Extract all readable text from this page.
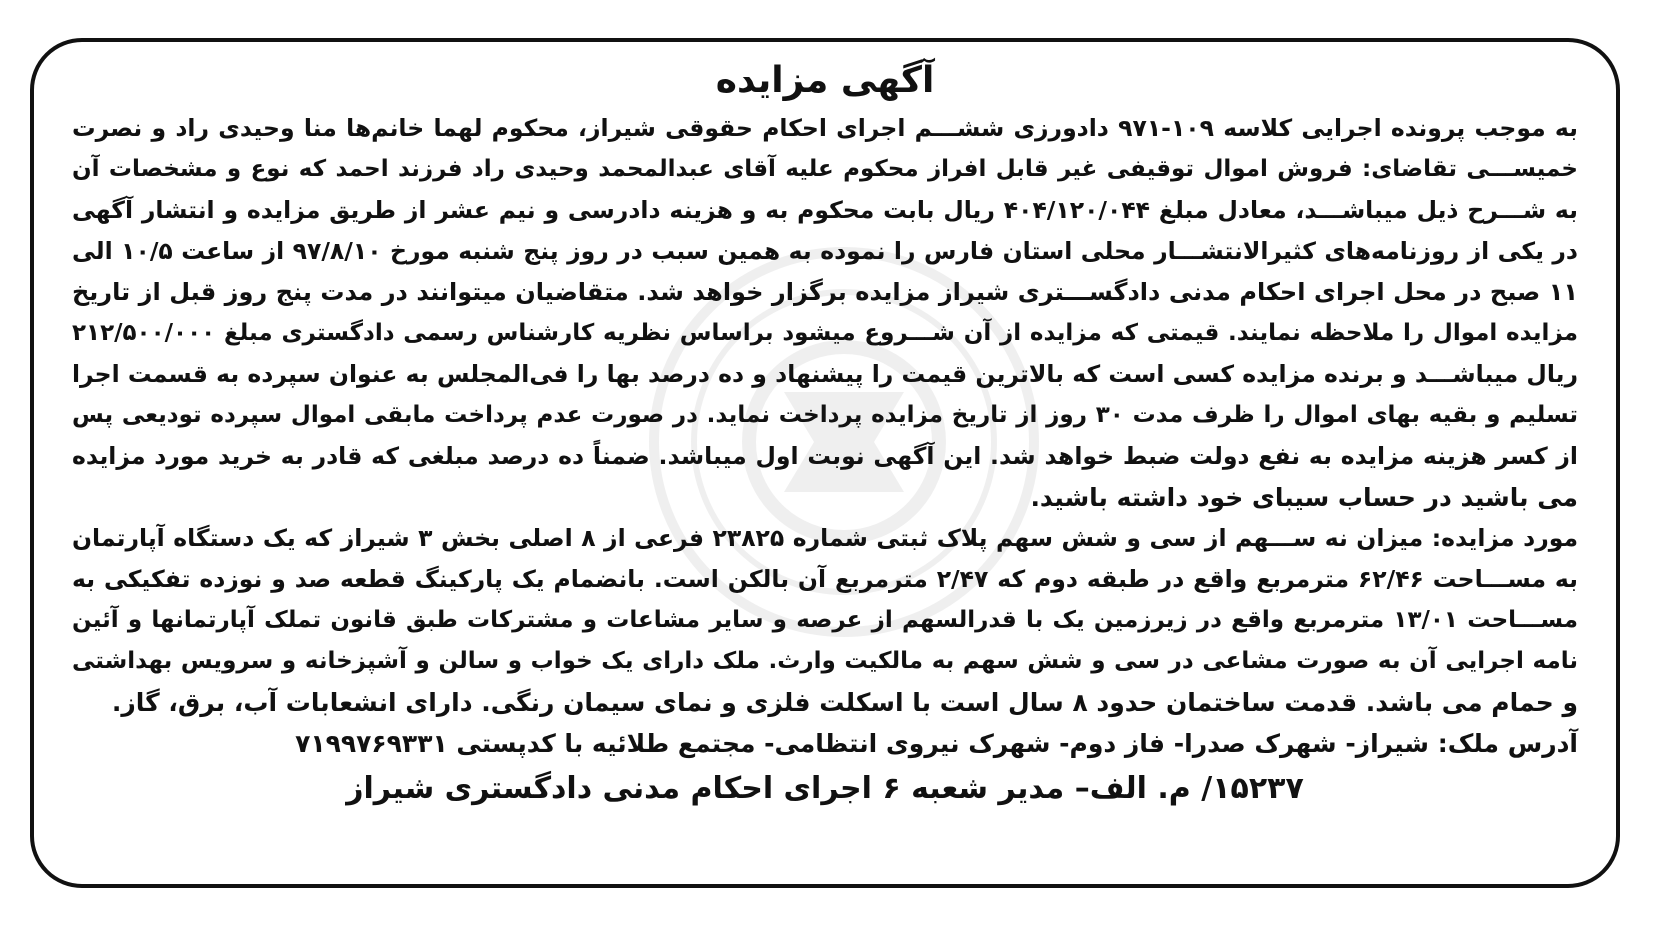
آگهی مزایده
به موجب پرونده اجرایی کلاسه ۱۰۹-۹۷۱ دادورزی ششـــم اجرای احکام حقوقی شیراز، محکوم لهما خانم‌ها منا وحیدی راد و نصرت
خمیســـی تقاضای: فروش اموال توقیفی غیر قابل افراز محکوم علیه آقای عبدالمحمد وحیدی راد فرزند احمد که نوع و مشخصات آن
به شـــرح ذیل میباشـــد، معادل مبلغ ۴۰۴/۱۲۰/۰۴۴ ریال بابت محکوم به و هزینه دادرسی و نیم عشر از طریق مزایده و انتشار آگهی
در یکی از روزنامه‌های کثیرالانتشـــار محلی استان فارس را نموده به همین سبب در روز پنج شنبه مورخ ۹۷/۸/۱۰ از ساعت ۱۰/۵ الی
۱۱ صبح در محل اجرای احکام مدنی دادگســـتری شیراز مزایده برگزار خواهد شد. متقاضیان میتوانند در مدت پنج روز قبل از تاریخ
مزایده اموال را ملاحظه نمایند. قیمتی که مزایده از آن شـــروع میشود براساس نظریه کارشناس رسمی دادگستری مبلغ ۲۱۲/۵۰۰/۰۰۰
ریال میباشـــد و برنده مزایده کسی است که بالاترین قیمت را پیشنهاد و ده درصد بها را فی‌المجلس به عنوان سپرده به قسمت اجرا
تسلیم و بقیه بهای اموال را ظرف مدت ۳۰ روز از تاریخ مزایده پرداخت نماید. در صورت عدم پرداخت مابقی اموال سپرده تودیعی پس
از کسر هزینه مزایده به نفع دولت ضبط خواهد شد. این آگهی نوبت اول میباشد. ضمناً ده درصد مبلغی که قادر به خرید مورد مزایده
می باشید در حساب سیبای خود داشته باشید.
مورد مزایده: میزان نه ســـهم از سی و شش سهم پلاک ثبتی شماره ۲۳۸۲۵ فرعی از ۸ اصلی بخش ۳ شیراز که یک دستگاه آپارتمان
به مســـاحت ۶۲/۴۶ مترمربع واقع در طبقه دوم که ۲/۴۷ مترمربع آن بالکن است. بانضمام یک پارکینگ قطعه صد و نوزده تفکیکی به
مســـاحت ۱۳/۰۱ مترمربع واقع در زیرزمین یک با قدرالسهم از عرصه و سایر مشاعات و مشترکات طبق قانون تملک آپارتمانها و آئین
نامه اجرایی آن به صورت مشاعی در سی و شش سهم به مالکیت وارث. ملک دارای یک خواب و سالن و آشپزخانه و سرویس بهداشتی
و حمام می باشد. قدمت ساختمان حدود ۸ سال است با اسکلت فلزی و نمای سیمان رنگی. دارای انشعابات آب، برق، گاز.
آدرس ملک: شیراز- شهرک صدرا- فاز دوم- شهرک نیروی انتظامی- مجتمع طلائیه با کدپستی ۷۱۹۹۷۶۹۳۳۱
۱۵۲۳۷/ م. الف– مدیر شعبه ۶ اجرای احکام مدنی دادگستری شیراز
